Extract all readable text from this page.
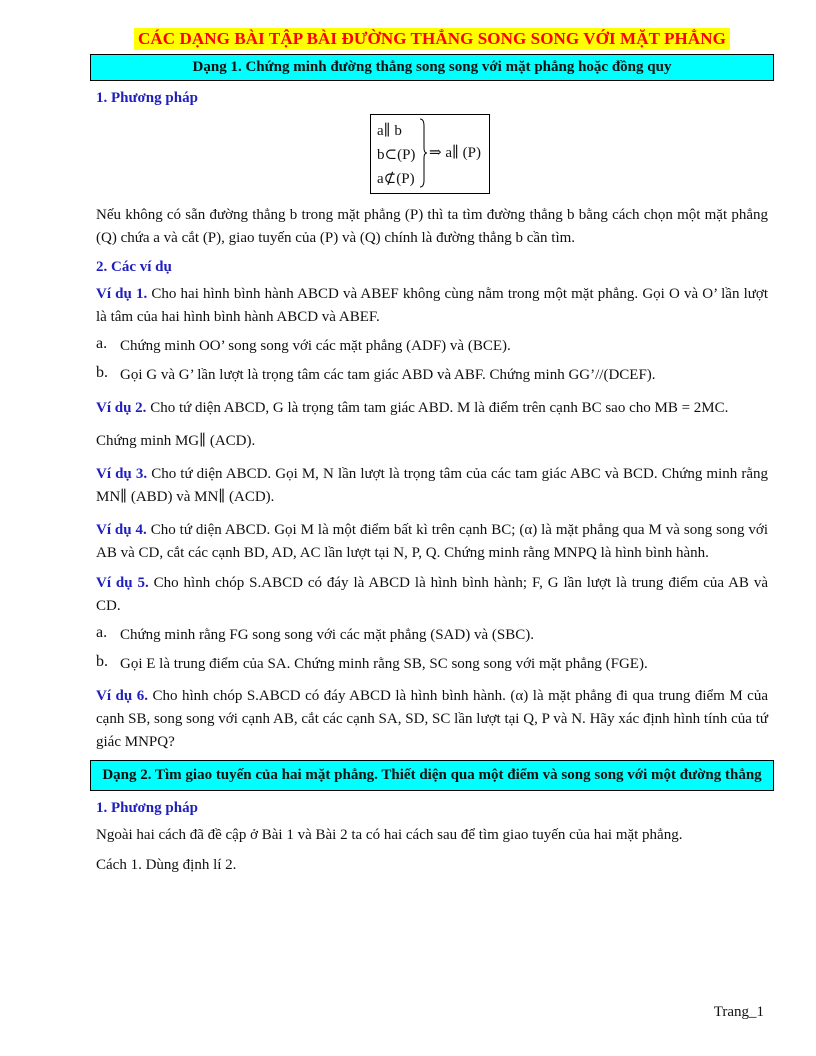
CÁC DẠNG BÀI TẬP BÀI ĐƯỜNG THẲNG SONG SONG VỚI MẶT PHẲNG
Dạng 1. Chứng minh đường thẳng song song với mặt phẳng hoặc đồng quy
1. Phương pháp
a∥ b
b⊂(P)
a⊄(P)
⇒ a∥ (P)

Nếu không có sẵn đường thẳng b trong mặt phẳng (P) thì ta tìm đường thẳng b bằng cách chọn một mặt phẳng (Q) chứa a và cắt (P), giao tuyến của (P) và (Q) chính là đường thẳng b cần tìm.

2. Các ví dụ

Ví dụ 1. Cho hai hình bình hành ABCD và ABEF không cùng nằm trong một mặt phẳng. Gọi O và O’ lần lượt là tâm của hai hình bình hành ABCD và ABEF.

a. Chứng minh OO’ song song với các mặt phẳng (ADF) và (BCE).

b. Gọi G và G’ lần lượt là trọng tâm các tam giác ABD và ABF. Chứng minh GG’//(DCEF).

Ví dụ 2. Cho tứ diện ABCD, G là trọng tâm tam giác ABD. M là điểm trên cạnh BC sao cho MB = 2MC.

Chứng minh MG∥ (ACD).

Ví dụ 3. Cho tứ diện ABCD. Gọi M, N lần lượt là trọng tâm của các tam giác ABC và BCD. Chứng minh rằng MN∥ (ABD) và MN∥ (ACD).

Ví dụ 4. Cho tứ diện ABCD. Gọi M là một điểm bất kì trên cạnh BC; (α) là mặt phẳng qua M và song song với AB và CD, cắt các cạnh BD, AD, AC lần lượt tại N, P, Q. Chứng minh rằng MNPQ là hình bình hành.

Ví dụ 5. Cho hình chóp S.ABCD có đáy là ABCD là hình bình hành; F, G lần lượt là trung điểm của AB và CD.

a. Chứng minh rằng FG song song với các mặt phẳng (SAD) và (SBC).

b. Gọi E là trung điểm của SA. Chứng minh rằng SB, SC song song với mặt phẳng (FGE).

Ví dụ 6. Cho hình chóp S.ABCD có đáy ABCD là hình bình hành. (α) là mặt phẳng đi qua trung điểm M của cạnh SB, song song với cạnh AB, cắt các cạnh SA, SD, SC lần lượt tại Q, P và N. Hãy xác định hình tính của tứ giác MNPQ?

Dạng 2. Tìm giao tuyến của hai mặt phẳng. Thiết diện qua một điểm và song song với một đường thẳng
1. Phương pháp

Ngoài hai cách đã đề cập ở Bài 1 và Bài 2 ta có hai cách sau để tìm giao tuyến của hai mặt phẳng.

Cách 1. Dùng định lí 2.

Trang_1
